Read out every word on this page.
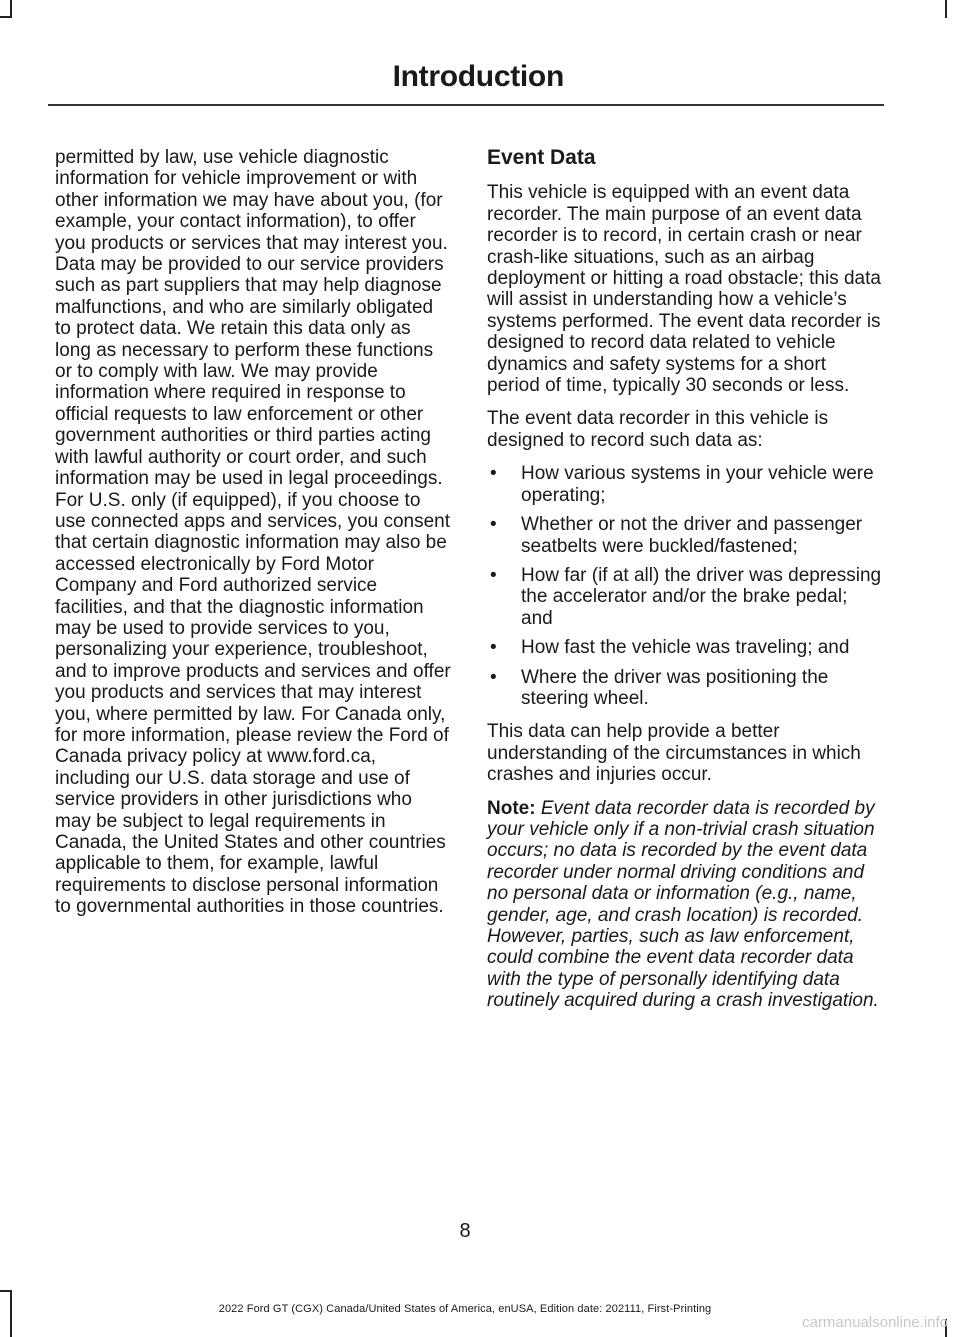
Introduction

permitted by law, use vehicle diagnostic information for vehicle improvement or with other information we may have about you, (for example, your contact information), to offer you products or services that may interest you. Data may be provided to our service providers such as part suppliers that may help diagnose malfunctions, and who are similarly obligated to protect data. We retain this data only as long as necessary to perform these functions or to comply with law. We may provide information where required in response to official requests to law enforcement or other government authorities or third parties acting with lawful authority or court order, and such information may be used in legal proceedings. For U.S. only (if equipped), if you choose to use connected apps and services, you consent that certain diagnostic information may also be accessed electronically by Ford Motor Company and Ford authorized service facilities, and that the diagnostic information may be used to provide services to you, personalizing your experience, troubleshoot, and to improve products and services and offer you products and services that may interest you, where permitted by law. For Canada only, for more information, please review the Ford of Canada privacy policy at www.ford.ca, including our U.S. data storage and use of service providers in other jurisdictions who may be subject to legal requirements in Canada, the United States and other countries applicable to them, for example, lawful requirements to disclose personal information to governmental authorities in those countries.

Event Data

This vehicle is equipped with an event data recorder. The main purpose of an event data recorder is to record, in certain crash or near crash-like situations, such as an airbag deployment or hitting a road obstacle; this data will assist in understanding how a vehicle’s systems performed. The event data recorder is designed to record data related to vehicle dynamics and safety systems for a short period of time, typically 30 seconds or less.

The event data recorder in this vehicle is designed to record such data as:

• How various systems in your vehicle were operating;
• Whether or not the driver and passenger seatbelts were buckled/fastened;
• How far (if at all) the driver was depressing the accelerator and/or the brake pedal; and
• How fast the vehicle was traveling; and
• Where the driver was positioning the steering wheel.

This data can help provide a better understanding of the circumstances in which crashes and injuries occur.

Note: Event data recorder data is recorded by your vehicle only if a non-trivial crash situation occurs; no data is recorded by the event data recorder under normal driving conditions and no personal data or information (e.g., name, gender, age, and crash location) is recorded. However, parties, such as law enforcement, could combine the event data recorder data with the type of personally identifying data routinely acquired during a crash investigation.

8
2022 Ford GT (CGX) Canada/United States of America, enUSA, Edition date: 202111, First-Printing
carmanualsonline.info
